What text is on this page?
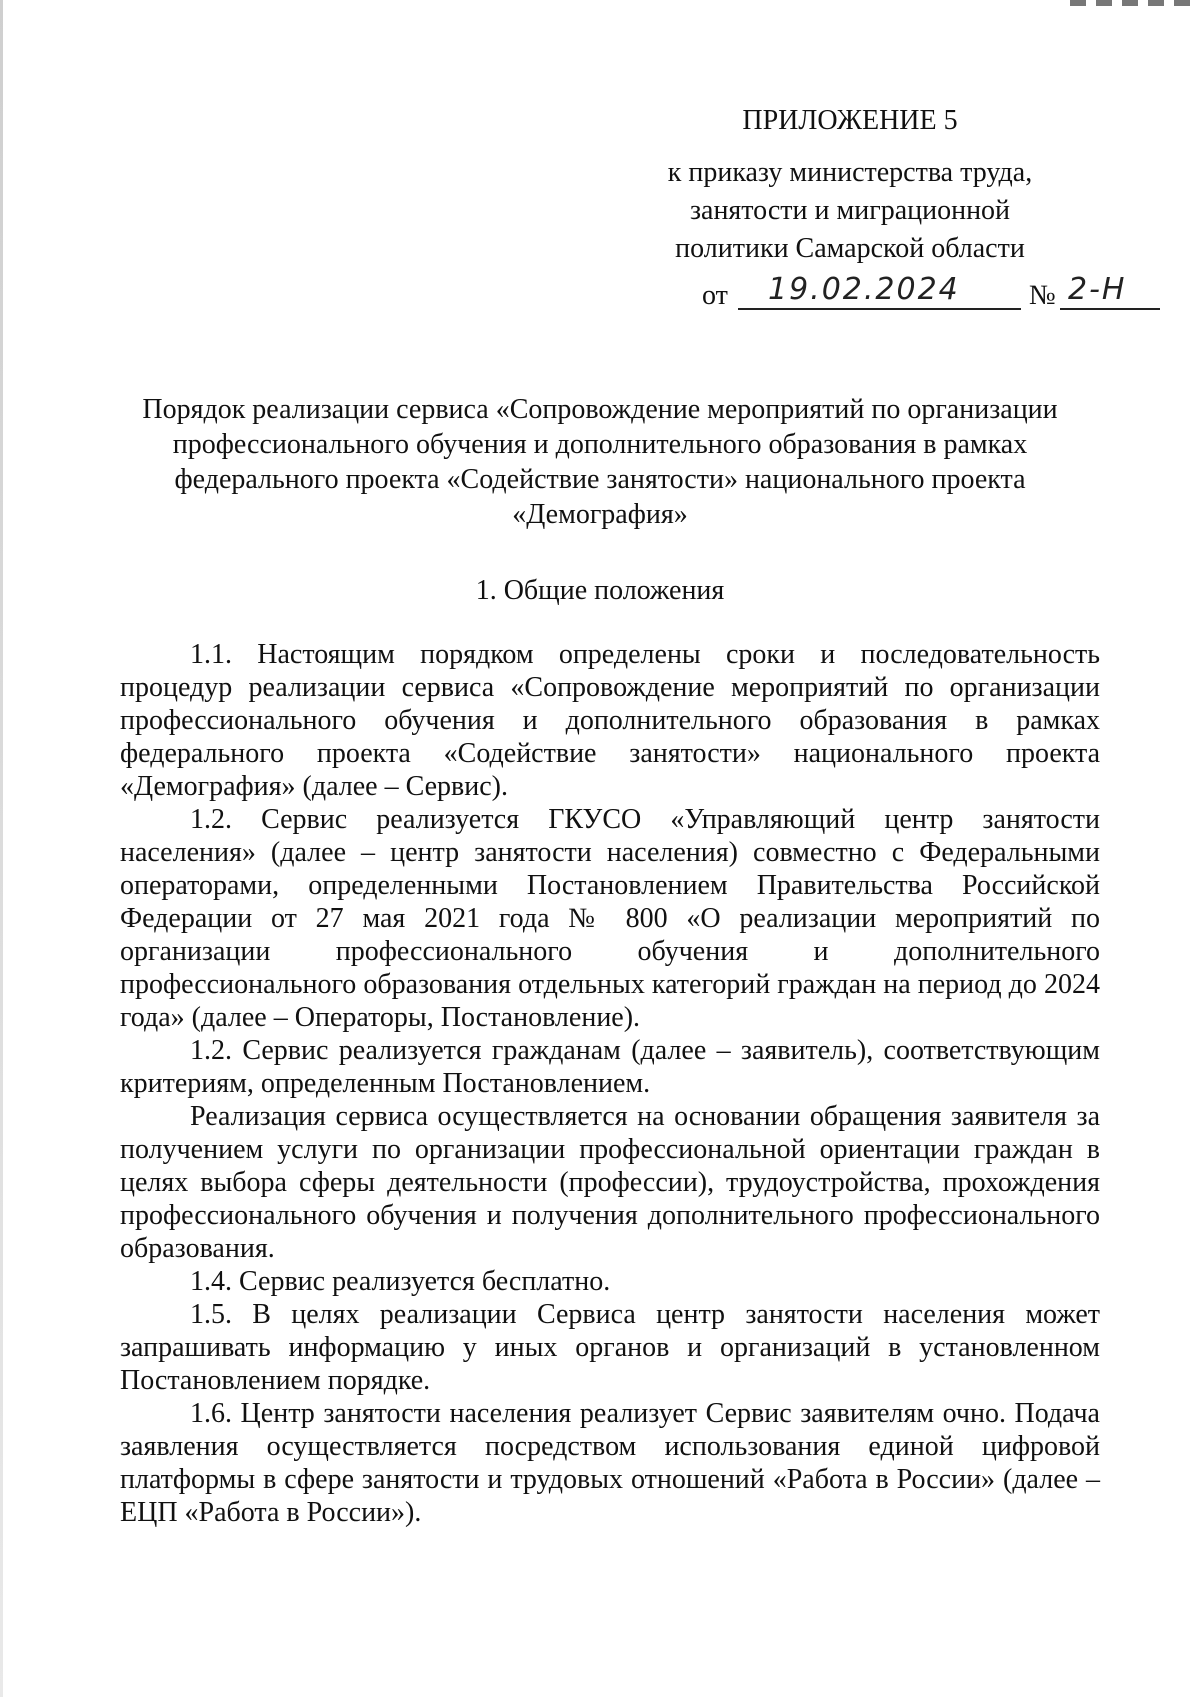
ПРИЛОЖЕНИЕ 5
к приказу министерства труда,
занятости и миграционной
политики Самарской области
от 19.02.2024 № 2-Н
Порядок реализации сервиса «Сопровождение мероприятий по организации профессионального обучения и дополнительного образования в рамках федерального проекта «Содействие занятости» национального проекта «Демография»
1. Общие положения

1.1. Настоящим порядком определены сроки и последовательность процедур реализации сервиса «Сопровождение мероприятий по организации профессионального обучения и дополнительного образования в рамках федерального проекта «Содействие занятости» национального проекта «Демография» (далее – Сервис).

1.2. Сервис реализуется ГКУСО «Управляющий центр занятости населения» (далее – центр занятости населения) совместно с Федеральными операторами, определенными Постановлением Правительства Российской Федерации от 27 мая 2021 года № 800 «О реализации мероприятий по организации профессионального обучения и дополнительного профессионального образования отдельных категорий граждан на период до 2024 года» (далее – Операторы, Постановление).

1.2. Сервис реализуется гражданам (далее – заявитель), соответствующим критериям, определенным Постановлением.

Реализация сервиса осуществляется на основании обращения заявителя за получением услуги по организации профессиональной ориентации граждан в целях выбора сферы деятельности (профессии), трудоустройства, прохождения профессионального обучения и получения дополнительного профессионального образования.

1.4. Сервис реализуется бесплатно.

1.5. В целях реализации Сервиса центр занятости населения может запрашивать информацию у иных органов и организаций в установленном Постановлением порядке.

1.6. Центр занятости населения реализует Сервис заявителям очно. Подача заявления осуществляется посредством использования единой цифровой платформы в сфере занятости и трудовых отношений «Работа в России» (далее – ЕЦП «Работа в России»).
